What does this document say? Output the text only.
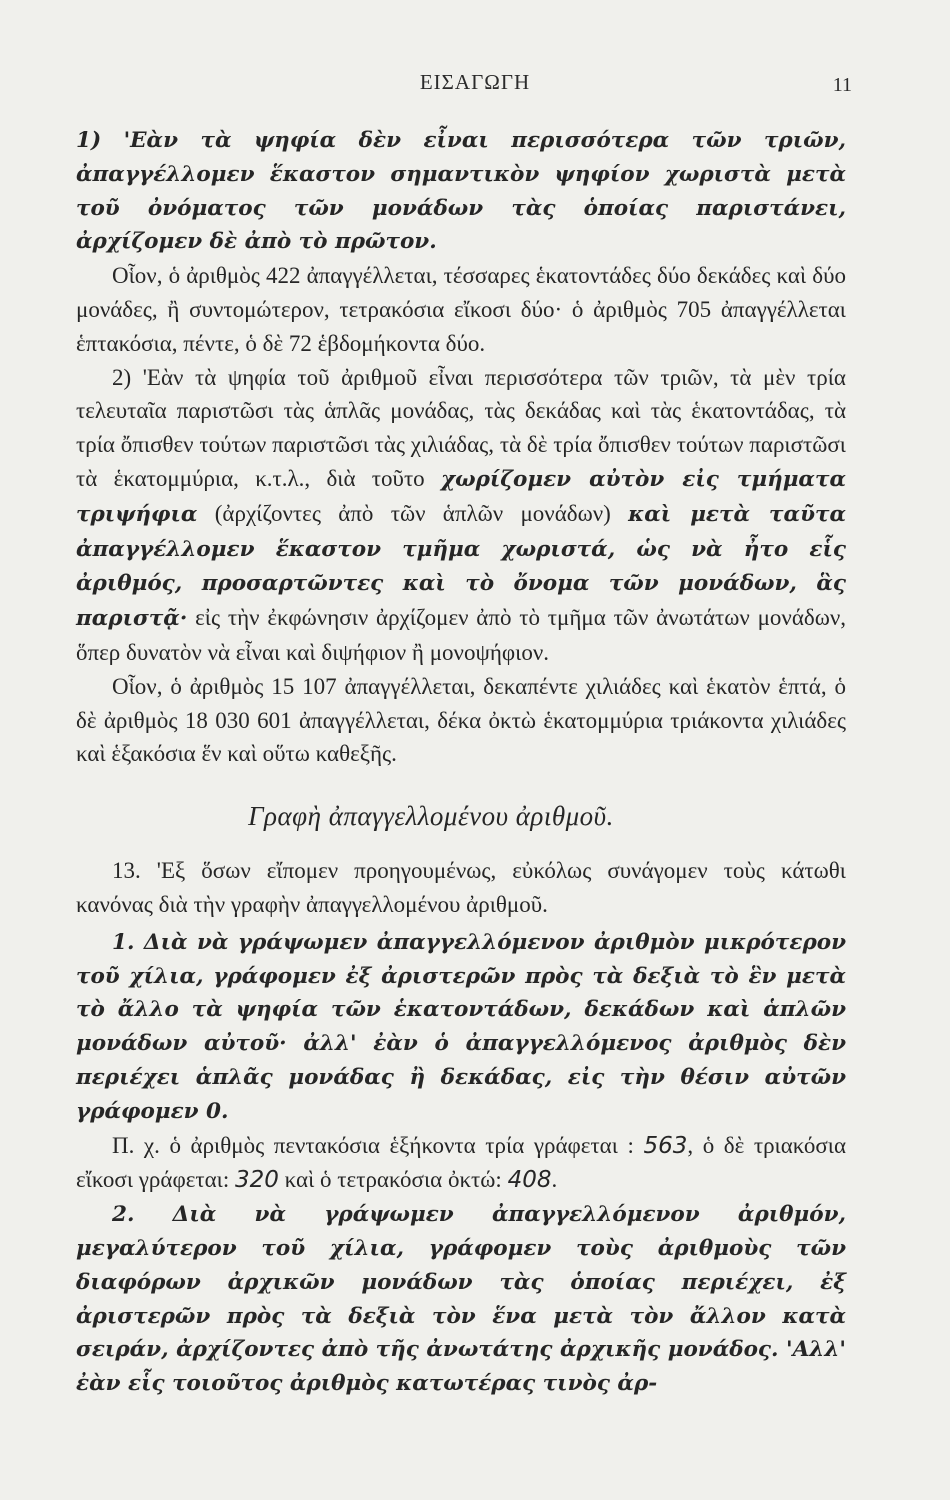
ΕΙΣΑΓΩΓΗ	11

1) 'Εὰν τὰ ψηφία δὲν εἶναι περισσότερα τῶν τριῶν, ἀπαγγέλλομεν ἕκαστον σημαντικὸν ψηφίον χωριστὰ μετὰ τοῦ ὀνόματος τῶν μονάδων τὰς ὁποίας παριστάνει, ἀρχίζομεν δὲ ἀπὸ τὸ πρῶτον.

Οἷον, ὁ ἀριθμὸς 422 ἀπαγγέλλεται, τέσσαρες ἑκατοντάδες δύο δεκάδες καὶ δύο μονάδες, ἢ συντομώτερον, τετρακόσια εἴκοσι δύο· ὁ ἀριθμὸς 705 ἀπαγγέλλεται ἑπτακόσια, πέντε, ὁ δὲ 72 ἑβδομήκοντα δύο.

2) 'Εὰν τὰ ψηφία τοῦ ἀριθμοῦ εἶναι περισσότερα τῶν τριῶν, τὰ μὲν τρία τελευταῖα παριστῶσι τὰς ἁπλᾶς μονάδας, τὰς δεκάδας καὶ τὰς ἑκατοντάδας, τὰ τρία ὄπισθεν τούτων παριστῶσι τὰς χιλιάδας, τὰ δὲ τρία ὄπισθεν τούτων παριστῶσι τὰ ἑκατομμύρια, κ.τ.λ., διὰ τοῦτο χωρίζομεν αὐτὸν εἰς τμήματα τριψήφια (ἀρχίζοντες ἀπὸ τῶν ἁπλῶν μονάδων) καὶ μετὰ ταῦτα ἀπαγγέλλομεν ἕκαστον τμῆμα χωριστά, ὡς νὰ ἦτο εἷς ἀριθμός, προσαρτῶντες καὶ τὸ ὄνομα τῶν μονάδων, ἃς παριστᾷ· εἰς τὴν ἐκφώνησιν ἀρχίζομεν ἀπὸ τὸ τμῆμα τῶν ἀνωτάτων μονάδων, ὅπερ δυνατὸν νὰ εἶναι καὶ διψήφιον ἢ μονοψήφιον.

Οἷον, ὁ ἀριθμὸς 15 107 ἀπαγγέλλεται, δεκαπέντε χιλιάδες καὶ ἑκατὸν ἑπτά, ὁ δὲ ἀριθμὸς 18 030 601 ἀπαγγέλλεται, δέκα ὀκτὼ ἑκατομμύρια τριάκοντα χιλιάδες καὶ ἑξακόσια ἕν καὶ οὕτω καθεξῆς.

Γραφὴ ἀπαγγελλομένου ἀριθμοῦ.

13. 'Εξ ὅσων εἴπομεν προηγουμένως, εὐκόλως συνάγομεν τοὺς κάτωθι κανόνας διὰ τὴν γραφὴν ἀπαγγελλομένου ἀριθμοῦ.

1. Διὰ νὰ γράψωμεν ἀπαγγελλόμενον ἀριθμὸν μικρότερον τοῦ χίλια, γράφομεν ἐξ ἀριστερῶν πρὸς τὰ δεξιὰ τὸ ἓν μετὰ τὸ ἄλλο τὰ ψηφία τῶν ἑκατοντάδων, δεκάδων καὶ ἁπλῶν μονάδων αὐτοῦ· ἀλλ' ἐὰν ὁ ἀπαγγελλόμενος ἀριθμὸς δὲν περιέχει ἁπλᾶς μονάδας ἢ δεκάδας, εἰς τὴν θέσιν αὐτῶν γράφομεν 0.

Π. χ. ὁ ἀριθμὸς πεντακόσια ἑξήκοντα τρία γράφεται : 563, ὁ δὲ τριακόσια εἴκοσι γράφεται: 320 καὶ ὁ τετρακόσια ὀκτώ: 408.

2. Διὰ νὰ γράψωμεν ἀπαγγελλόμενον ἀριθμόν, μεγαλύτερον τοῦ χίλια, γράφομεν τοὺς ἀριθμοὺς τῶν διαφόρων ἀρχικῶν μονάδων τὰς ὁποίας περιέχει, ἐξ ἀριστερῶν πρὸς τὰ δεξιὰ τὸν ἕνα μετὰ τὸν ἄλλον κατὰ σειράν, ἀρχίζοντες ἀπὸ τῆς ἀνωτάτης ἀρχικῆς μονάδος. 'Αλλ' ἐὰν εἷς τοιοῦτος ἀριθμὸς κατωτέρας τινὸς ἀρ-
